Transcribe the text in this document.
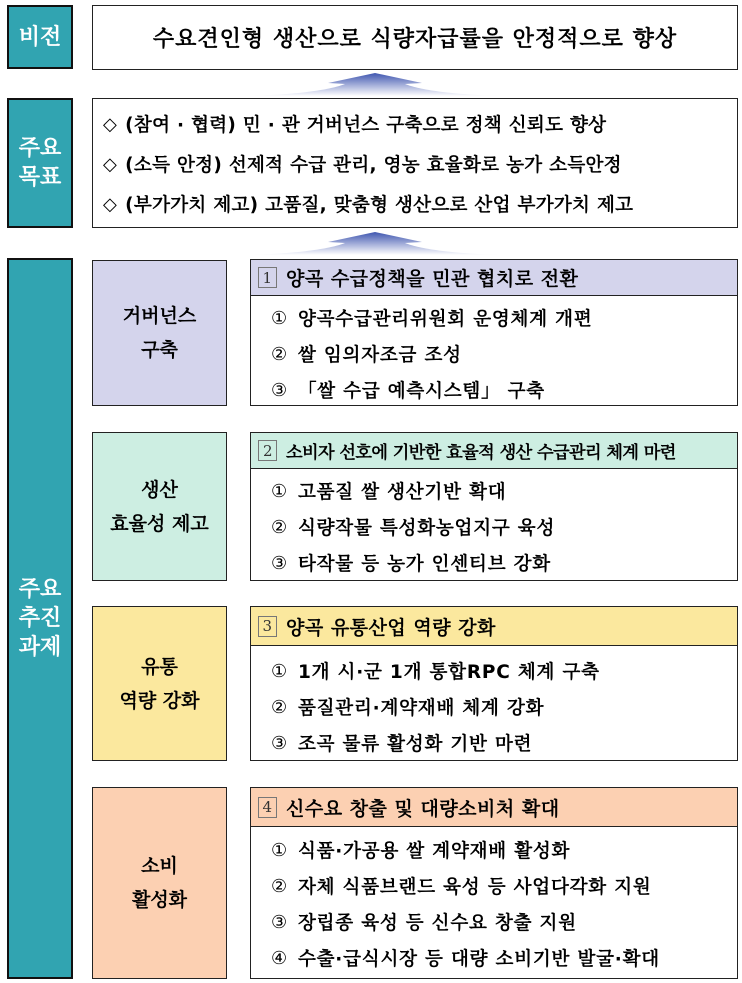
비전	수요견인형 생산으로 식량자급률을 안정적으로 향상
주요
목표
◇ (참여 · 협력) 민 · 관 거버넌스 구축으로 정책 신뢰도 향상
◇ (소득 안정) 선제적 수급 관리, 영농 효율화로 농가 소득안정
◇ (부가가치 제고) 고품질, 맞춤형 생산으로 산업 부가가치 제고
주요
추진
과제
거버넌스
구축
1 양곡 수급정책을 민관 협치로 전환
① 양곡수급관리위원회 운영체계 개편
② 쌀 임의자조금 조성
③ 「쌀 수급 예측시스템」 구축
생산
효율성 제고
2 소비자 선호에 기반한 효율적 생산 수급관리 체계 마련
① 고품질 쌀 생산기반 확대
② 식량작물 특성화농업지구 육성
③ 타작물 등 농가 인센티브 강화
유통
역량 강화
3 양곡 유통산업 역량 강화
① 1개 시·군 1개 통합RPC 체계 구축
② 품질관리·계약재배 체계 강화
③ 조곡 물류 활성화 기반 마련
소비
활성화
4 신수요 창출 및 대량소비처 확대
① 식품·가공용 쌀 계약재배 활성화
② 자체 식품브랜드 육성 등 사업다각화 지원
③ 장립종 육성 등 신수요 창출 지원
④ 수출·급식시장 등 대량 소비기반 발굴·확대
